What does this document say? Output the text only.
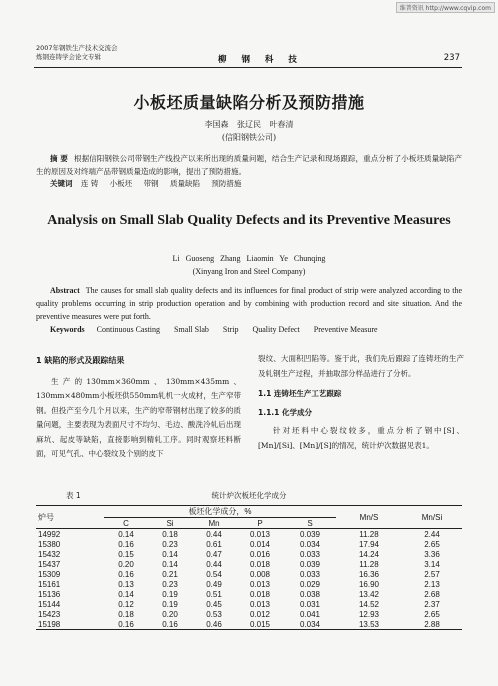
维普资讯 http://www.cqvip.com
2007年钢铁生产技术交流会
炼钢连铸学会论文专辑	柳 钢 科 技	237
小板坯质量缺陷分析及预防措施
李国森 张辽民 叶春清
(信阳钢铁公司)
摘 要 根据信阳钢铁公司带钢生产线投产以来所出现的质量问题，结合生产记录和现场跟踪，重点分析了小板坯质量缺陷产生的原因及对终端产品带钢质量造成的影响，提出了预防措施。
关键词 连 铸 小板坯 带钢 质量缺陷 预防措施
Analysis on Small Slab Quality Defects and its Preventive Measures
Li Guoseng Zhang Liaomin Ye Chunqing
(Xinyang Iron and Steel Company)
Abstract The causes for small slab quality defects and its influences for final product of strip were analyzed according to the quality problems occurring in strip production operation and by combining with production record and site situation. And the preventive measures were put forth.
Keywords Continuous Casting Small Slab Strip Quality Defect Preventive Measure
1 缺陷的形式及跟踪结果

生产的130mm×360mm、130mm×435mm、130mm×480mm小板坯供550mm轧机一火成材，生产窄带钢。但投产至今几个月以来，生产的窄带钢材出现了较多的质量问题，主要表现为表面尺寸不均匀、毛边、酸洗冷轧后出现麻坑、起皮等缺陷，直接影响到精轧工序。同时观察坯料断面，可见气孔、中心裂纹及个别的皮下

裂纹、大面积凹陷等。鉴于此，我们先后跟踪了连铸坯的生产及轧钢生产过程，并抽取部分样品进行了分析。

1.1 连铸坯生产工艺跟踪
1.1.1 化学成分

针对坯料中心裂纹较多，重点分析了钢中[S]、[Mn]/[Si]、[Mn]/[S]的情况，统计炉次数据见表1。

表 1	统计炉次板坯化学成分
炉号	板坯化学成分，%					Mn/S	Mn/Si
	C	Si	Mn	P	S		
14992	0.14	0.18	0.44	0.013	0.039	11.28	2.44
15380	0.16	0.23	0.61	0.014	0.034	17.94	2.65
15432	0.15	0.14	0.47	0.016	0.033	14.24	3.36
15437	0.20	0.14	0.44	0.018	0.039	11.28	3.14
15309	0.16	0.21	0.54	0.008	0.033	16.36	2.57
15161	0.13	0.23	0.49	0.013	0.029	16.90	2.13
15136	0.14	0.19	0.51	0.018	0.038	13.42	2.68
15144	0.12	0.19	0.45	0.013	0.031	14.52	2.37
15423	0.18	0.20	0.53	0.012	0.041	12.93	2.65
15198	0.16	0.16	0.46	0.015	0.034	13.53	2.88
